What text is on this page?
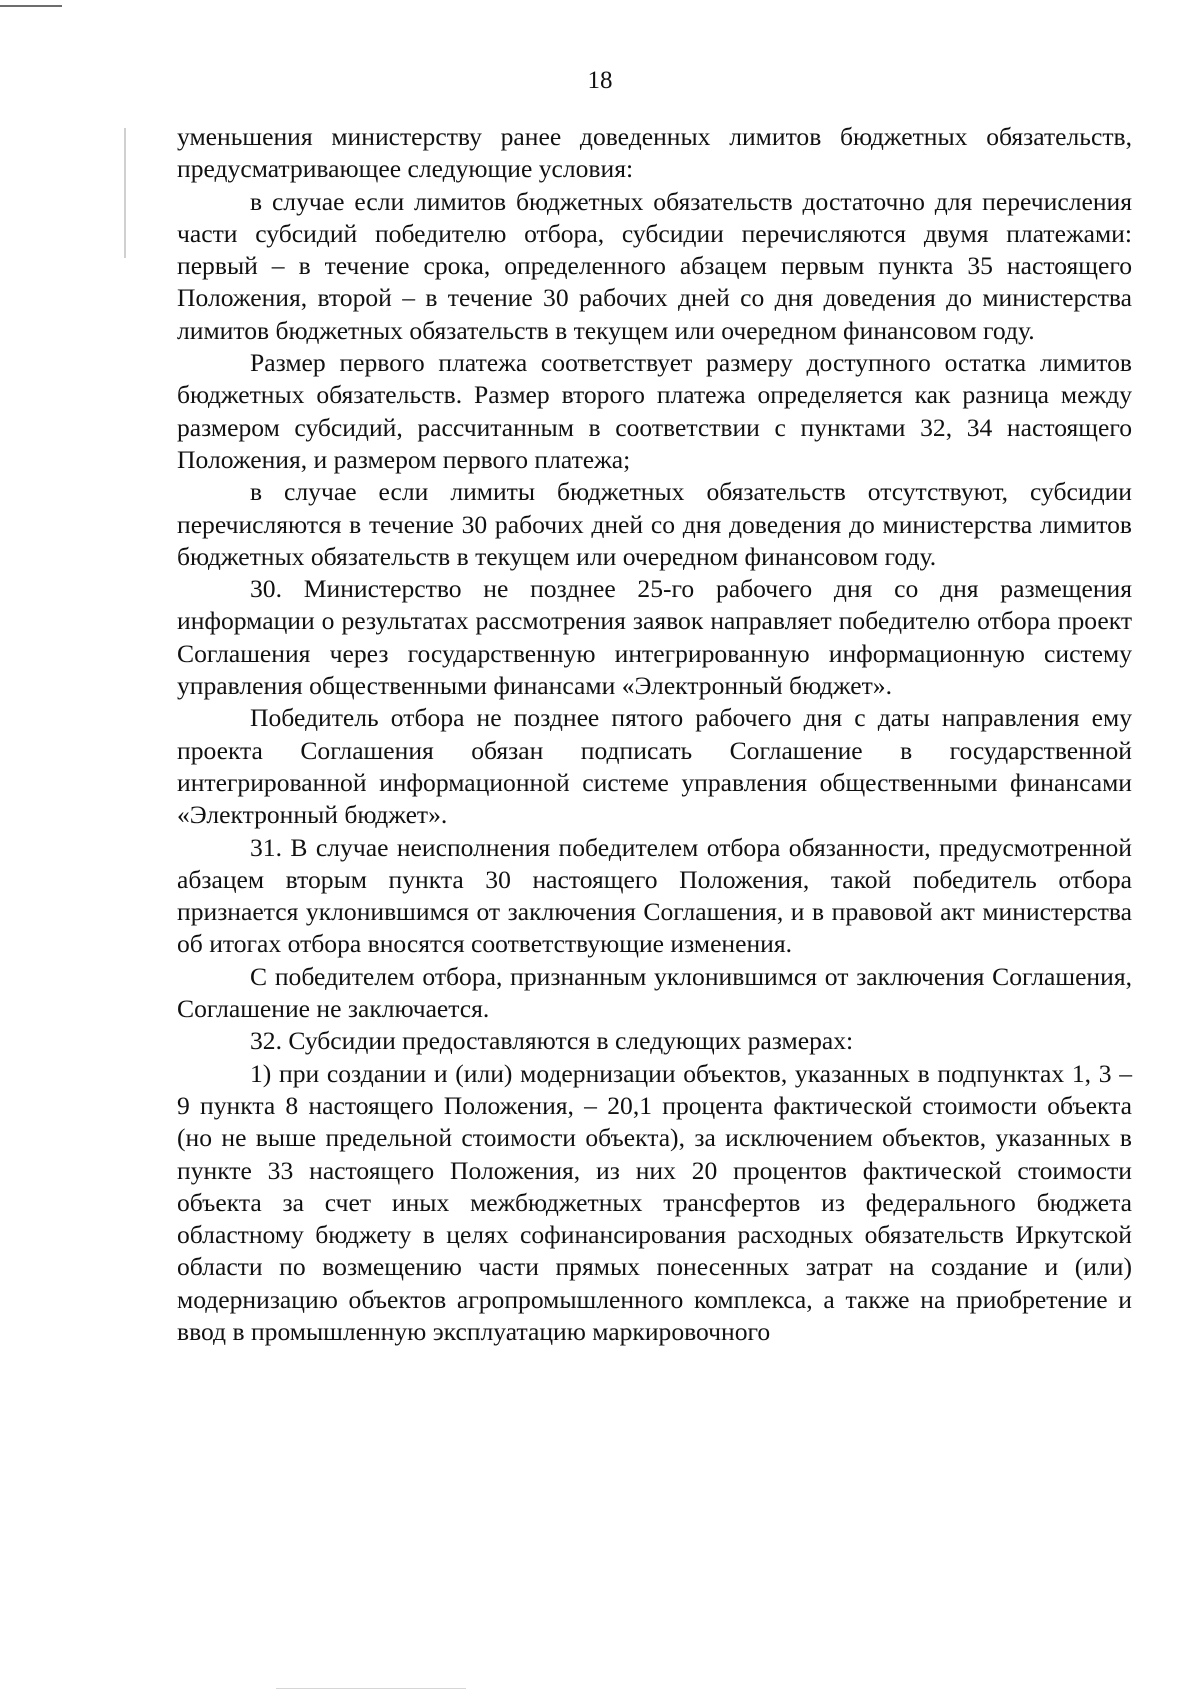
18

уменьшения министерству ранее доведенных лимитов бюджетных обязательств, предусматривающее следующие условия:

в случае если лимитов бюджетных обязательств достаточно для перечисления части субсидий победителю отбора, субсидии перечисляются двумя платежами: первый – в течение срока, определенного абзацем первым пункта 35 настоящего Положения, второй – в течение 30 рабочих дней со дня доведения до министерства лимитов бюджетных обязательств в текущем или очередном финансовом году.

Размер первого платежа соответствует размеру доступного остатка лимитов бюджетных обязательств. Размер второго платежа определяется как разница между размером субсидий, рассчитанным в соответствии с пунктами 32, 34 настоящего Положения, и размером первого платежа;

в случае если лимиты бюджетных обязательств отсутствуют, субсидии перечисляются в течение 30 рабочих дней со дня доведения до министерства лимитов бюджетных обязательств в текущем или очередном финансовом году.

30. Министерство не позднее 25-го рабочего дня со дня размещения информации о результатах рассмотрения заявок направляет победителю отбора проект Соглашения через государственную интегрированную информационную систему управления общественными финансами «Электронный бюджет».

Победитель отбора не позднее пятого рабочего дня с даты направления ему проекта Соглашения обязан подписать Соглашение в государственной интегрированной информационной системе управления общественными финансами «Электронный бюджет».

31. В случае неисполнения победителем отбора обязанности, предусмотренной абзацем вторым пункта 30 настоящего Положения, такой победитель отбора признается уклонившимся от заключения Соглашения, и в правовой акт министерства об итогах отбора вносятся соответствующие изменения.

С победителем отбора, признанным уклонившимся от заключения Соглашения, Соглашение не заключается.

32. Субсидии предоставляются в следующих размерах:

1) при создании и (или) модернизации объектов, указанных в подпунктах 1, 3 – 9 пункта 8 настоящего Положения, – 20,1 процента фактической стоимости объекта (но не выше предельной стоимости объекта), за исключением объектов, указанных в пункте 33 настоящего Положения, из них 20 процентов фактической стоимости объекта за счет иных межбюджетных трансфертов из федерального бюджета областному бюджету в целях софинансирования расходных обязательств Иркутской области по возмещению части прямых понесенных затрат на создание и (или) модернизацию объектов агропромышленного комплекса, а также на приобретение и ввод в промышленную эксплуатацию маркировочного
